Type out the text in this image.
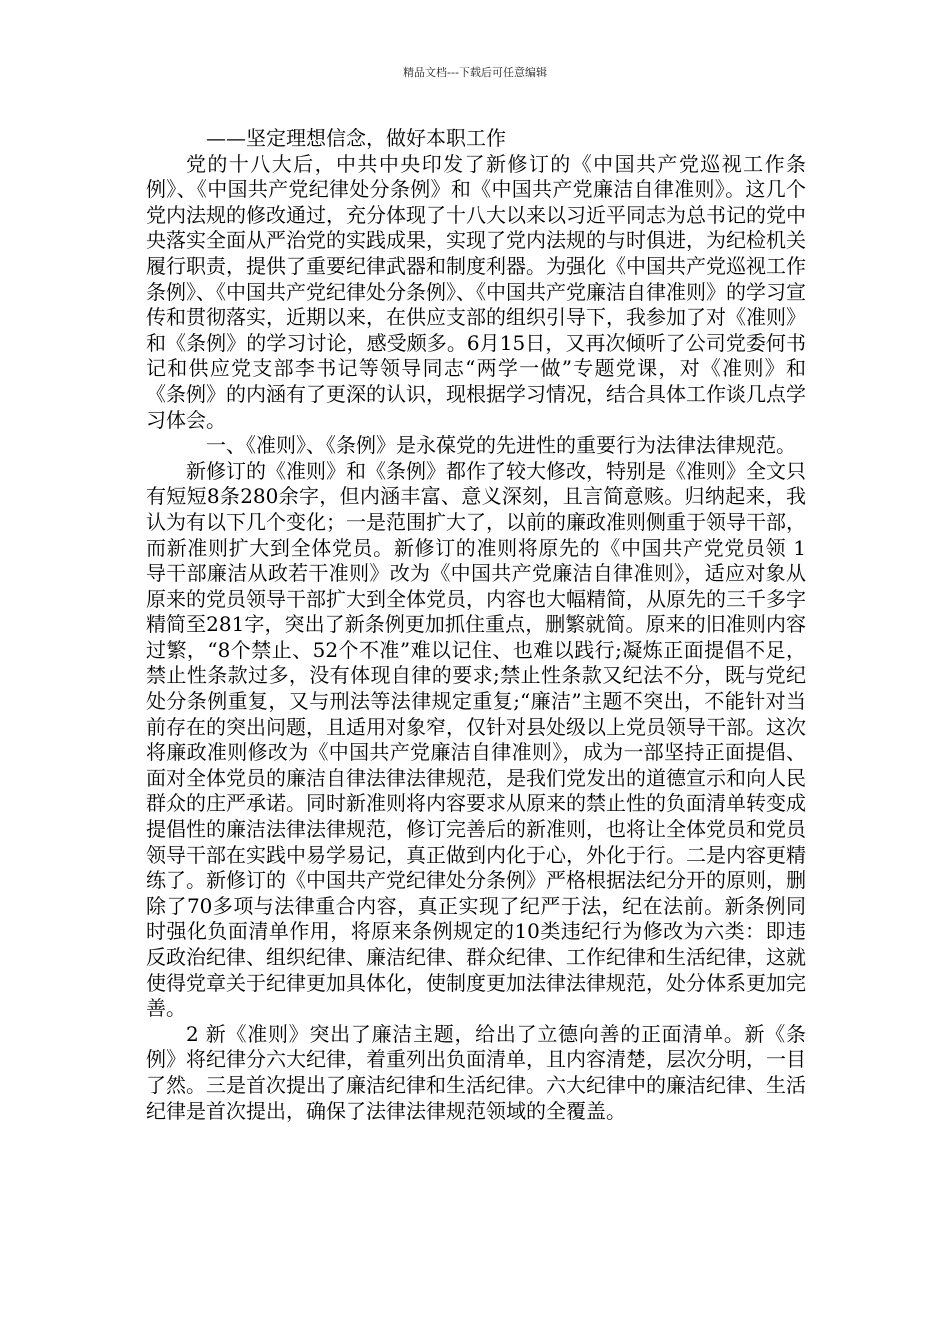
精品文档---下载后可任意编辑

——坚定理想信念，做好本职工作

党的十八大后，中共中央印发了新修订的《中国共产党巡视工作条例》、《中国共产党纪律处分条例》和《中国共产党廉洁自律准则》。这几个党内法规的修改通过，充分体现了十八大以来以习近平同志为总书记的党中央落实全面从严治党的实践成果，实现了党内法规的与时俱进，为纪检机关履行职责，提供了重要纪律武器和制度利器。为强化《中国共产党巡视工作条例》、《中国共产党纪律处分条例》、《中国共产党廉洁自律准则》的学习宣传和贯彻落实，近期以来，在供应支部的组织引导下，我参加了对《准则》和《条例》的学习讨论，感受颇多。6月15日，又再次倾听了公司党委何书记和供应党支部李书记等领导同志“两学一做”专题党课，对《准则》和《条例》的内涵有了更深的认识，现根据学习情况，结合具体工作谈几点学习体会。

一、《准则》、《条例》是永葆党的先进性的重要行为法律法律规范。

新修订的《准则》和《条例》都作了较大修改，特别是《准则》全文只有短短8条280余字，但内涵丰富、意义深刻，且言简意赅。归纳起来，我认为有以下几个变化；一是范围扩大了，以前的廉政准则侧重于领导干部，而新准则扩大到全体党员。新修订的准则将原先的《中国共产党党员领 1 导干部廉洁从政若干准则》改为《中国共产党廉洁自律准则》，适应对象从原来的党员领导干部扩大到全体党员，内容也大幅精简，从原先的三千多字精简至281字，突出了新条例更加抓住重点，删繁就简。原来的旧准则内容过繁，“8个禁止、52个不准”难以记住、也难以践行;凝炼正面提倡不足，禁止性条款过多，没有体现自律的要求;禁止性条款又纪法不分，既与党纪处分条例重复，又与刑法等法律规定重复;“廉洁”主题不突出，不能针对当前存在的突出问题，且适用对象窄，仅针对县处级以上党员领导干部。这次将廉政准则修改为《中国共产党廉洁自律准则》，成为一部坚持正面提倡、面对全体党员的廉洁自律法律法律规范，是我们党发出的道德宣示和向人民群众的庄严承诺。同时新准则将内容要求从原来的禁止性的负面清单转变成提倡性的廉洁法律法律规范，修订完善后的新准则，也将让全体党员和党员领导干部在实践中易学易记，真正做到内化于心，外化于行。二是内容更精练了。新修订的《中国共产党纪律处分条例》严格根据法纪分开的原则，删除了70多项与法律重合内容，真正实现了纪严于法，纪在法前。新条例同时强化负面清单作用，将原来条例规定的10类违纪行为修改为六类：即违反政治纪律、组织纪律、廉洁纪律、群众纪律、工作纪律和生活纪律，这就使得党章关于纪律更加具体化，使制度更加法律法律规范，处分体系更加完善。

2 新《准则》突出了廉洁主题，给出了立德向善的正面清单。新《条例》将纪律分六大纪律，着重列出负面清单，且内容清楚，层次分明，一目了然。三是首次提出了廉洁纪律和生活纪律。六大纪律中的廉洁纪律、生活纪律是首次提出，确保了法律法律规范领域的全覆盖。
